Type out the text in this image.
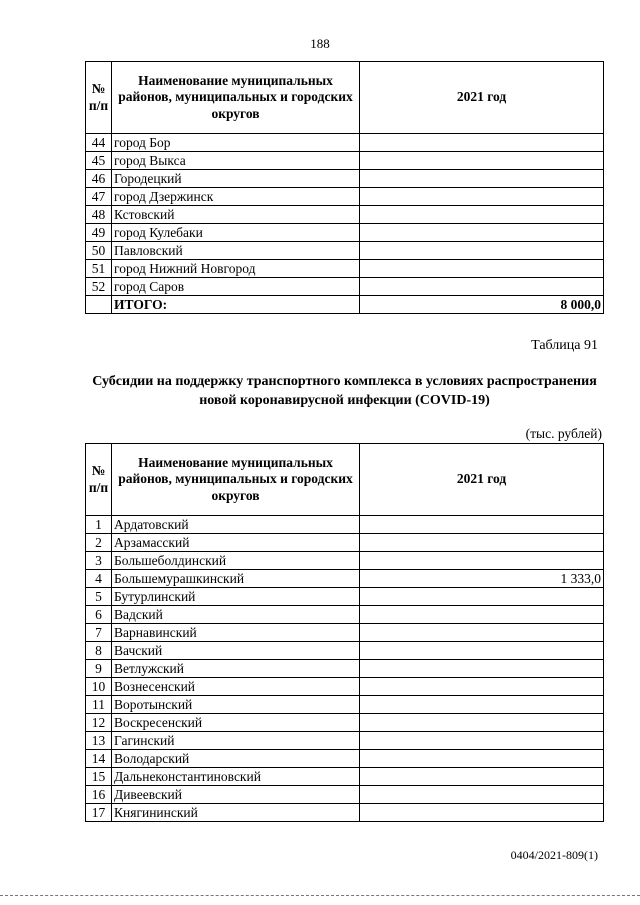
188
№ п/п	Наименование муниципальных районов, муниципальных и городских округов	2021 год
44	город Бор	
45	город Выкса	
46	Городецкий	
47	город Дзержинск	
48	Кстовский	
49	город Кулебаки	
50	Павловский	
51	город Нижний Новгород	
52	город Саров	
	ИТОГО:	8 000,0
Таблица 91
Субсидии на поддержку транспортного комплекса в условиях распространения новой коронавирусной инфекции (COVID-19)
(тыс. рублей)
№ п/п	Наименование муниципальных районов, муниципальных и городских округов	2021 год
1	Ардатовский	
2	Арзамасский	
3	Большеболдинский	
4	Большемурашкинский	1 333,0
5	Бутурлинский	
6	Вадский	
7	Варнавинский	
8	Вачский	
9	Ветлужский	
10	Вознесенский	
11	Воротынский	
12	Воскресенский	
13	Гагинский	
14	Володарский	
15	Дальнеконстантиновский	
16	Дивеевский	
17	Княгининский	
0404/2021-809(1)
